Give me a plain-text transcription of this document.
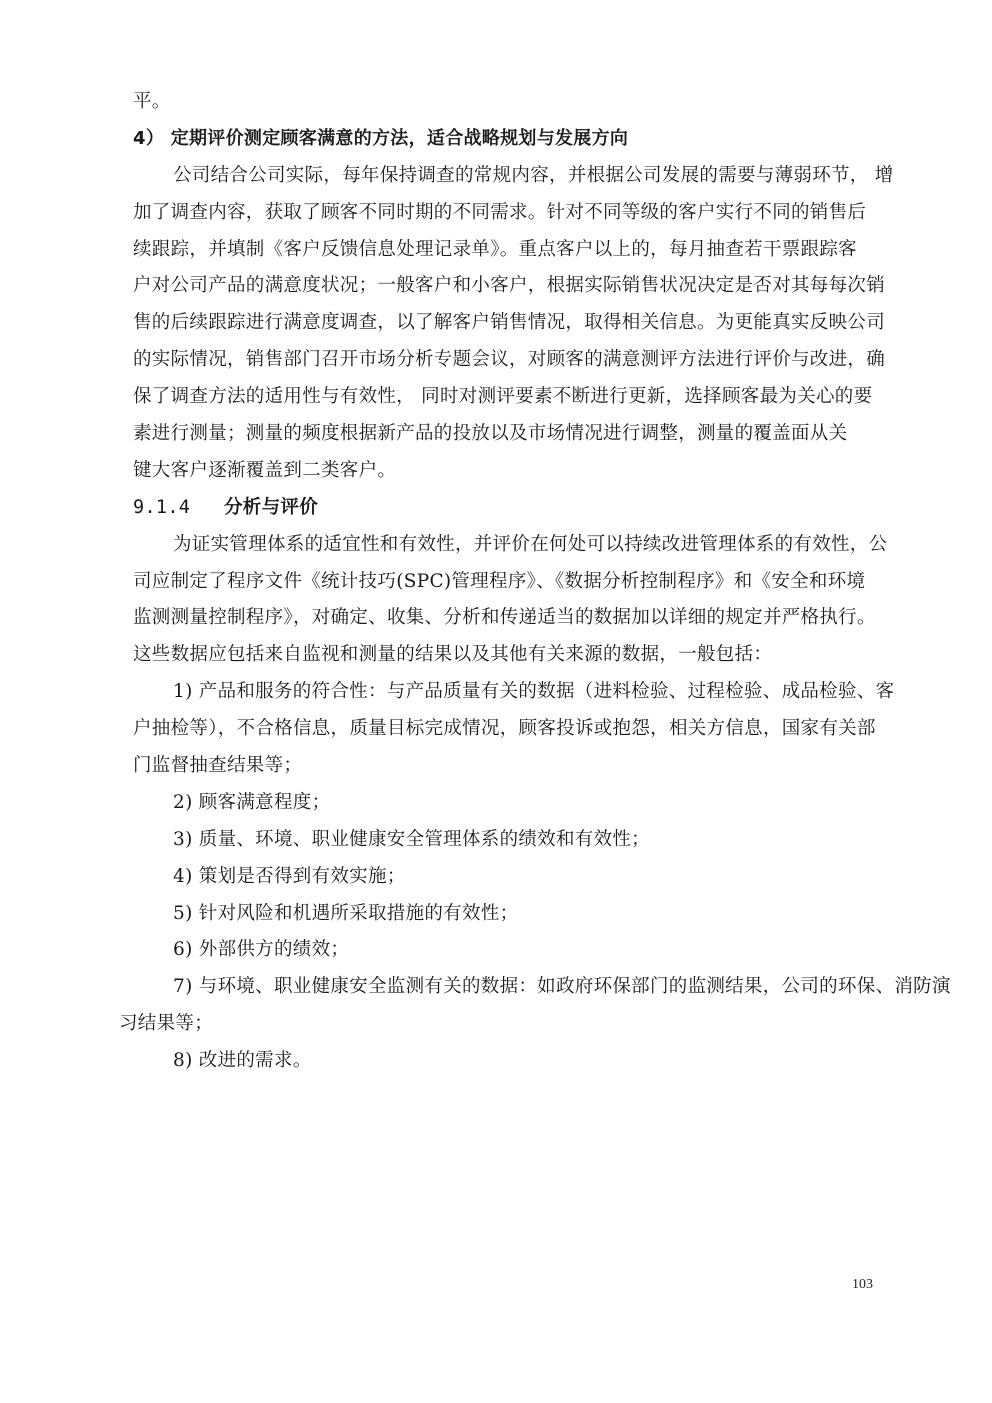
平。
4） 定期评价测定顾客满意的方法，适合战略规划与发展方向
公司结合公司实际，每年保持调查的常规内容，并根据公司发展的需要与薄弱环节， 增
加了调查内容，获取了顾客不同时期的不同需求。针对不同等级的客户实行不同的销售后
续跟踪，并填制《客户反馈信息处理记录单》。重点客户以上的，每月抽查若干票跟踪客
户对公司产品的满意度状况；一般客户和小客户，根据实际销售状况决定是否对其每每次销
售的后续跟踪进行满意度调查，以了解客户销售情况，取得相关信息。为更能真实反映公司
的实际情况，销售部门召开市场分析专题会议，对顾客的满意测评方法进行评价与改进，确
保了调查方法的适用性与有效性， 同时对测评要素不断进行更新，选择顾客最为关心的要
素进行测量；测量的频度根据新产品的投放以及市场情况进行调整，测量的覆盖面从关
键大客户逐渐覆盖到二类客户。
9.1.4 分析与评价
为证实管理体系的适宜性和有效性，并评价在何处可以持续改进管理体系的有效性，公
司应制定了程序文件《统计技巧(SPC)管理程序》、《数据分析控制程序》和《安全和环境
监测测量控制程序》，对确定、收集、分析和传递适当的数据加以详细的规定并严格执行。
这些数据应包括来自监视和测量的结果以及其他有关来源的数据，一般包括：
1) 产品和服务的符合性：与产品质量有关的数据（进料检验、过程检验、成品检验、客
户抽检等），不合格信息，质量目标完成情况，顾客投诉或抱怨，相关方信息，国家有关部
门监督抽查结果等；
2) 顾客满意程度；
3) 质量、环境、职业健康安全管理体系的绩效和有效性；
4) 策划是否得到有效实施；
5) 针对风险和机遇所采取措施的有效性；
6) 外部供方的绩效；
7) 与环境、职业健康安全监测有关的数据：如政府环保部门的监测结果，公司的环保、消防演
习结果等；
8) 改进的需求。
103
